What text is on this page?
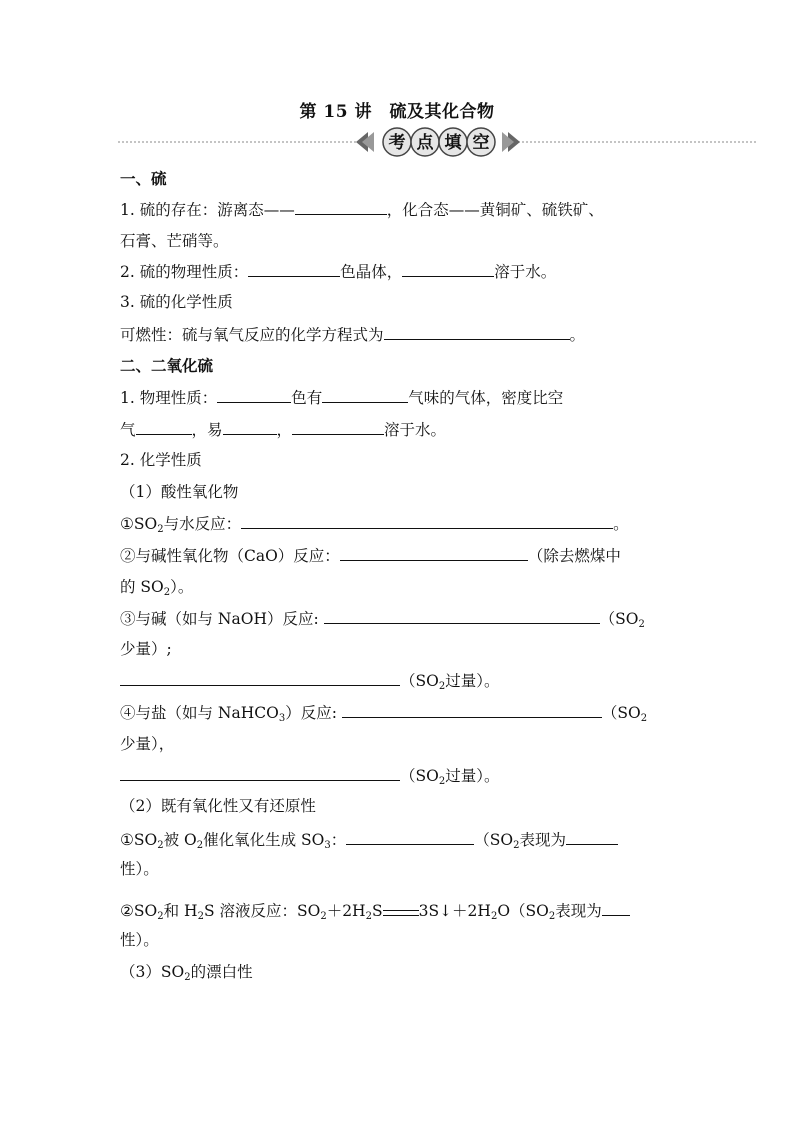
第 15 讲　硫及其化合物
考 点 填 空
一、硫
1. 硫的存在：游离态——	，化合态——黄铜矿、硫铁矿、
石膏、芒硝等。
2. 硫的物理性质：	色晶体，	溶于水。
3. 硫的化学性质
可燃性：硫与氧气反应的化学方程式为	。
二、二氧化硫
1. 物理性质：	色有	气味的气体，密度比空
气	，易	，	溶于水。
2. 化学性质
（1）酸性氧化物
$①SO_2$与水反应：	。
②与碱性氧化物（CaO）反应：	（除去燃煤中
的 $SO_2$）。
③与碱（如与 NaOH）反应:	（$SO_2$
少量）;
（$SO_2$过量）。
④与盐（如与 NaHCO$_3$）反应:	（$SO_2$
少量），
（$SO_2$过量）。
（2）既有氧化性又有还原性
$①SO_2$被 $O_2$催化氧化生成 $SO_3$：	（$SO_2$表现为
性）。
$②SO_2$和 $H_2S$ 溶液反应：$SO_2+2H_2S$ $3S↓+2H_2O(SO_2$表现为
性）。
$(3)SO_2$的漂白性
